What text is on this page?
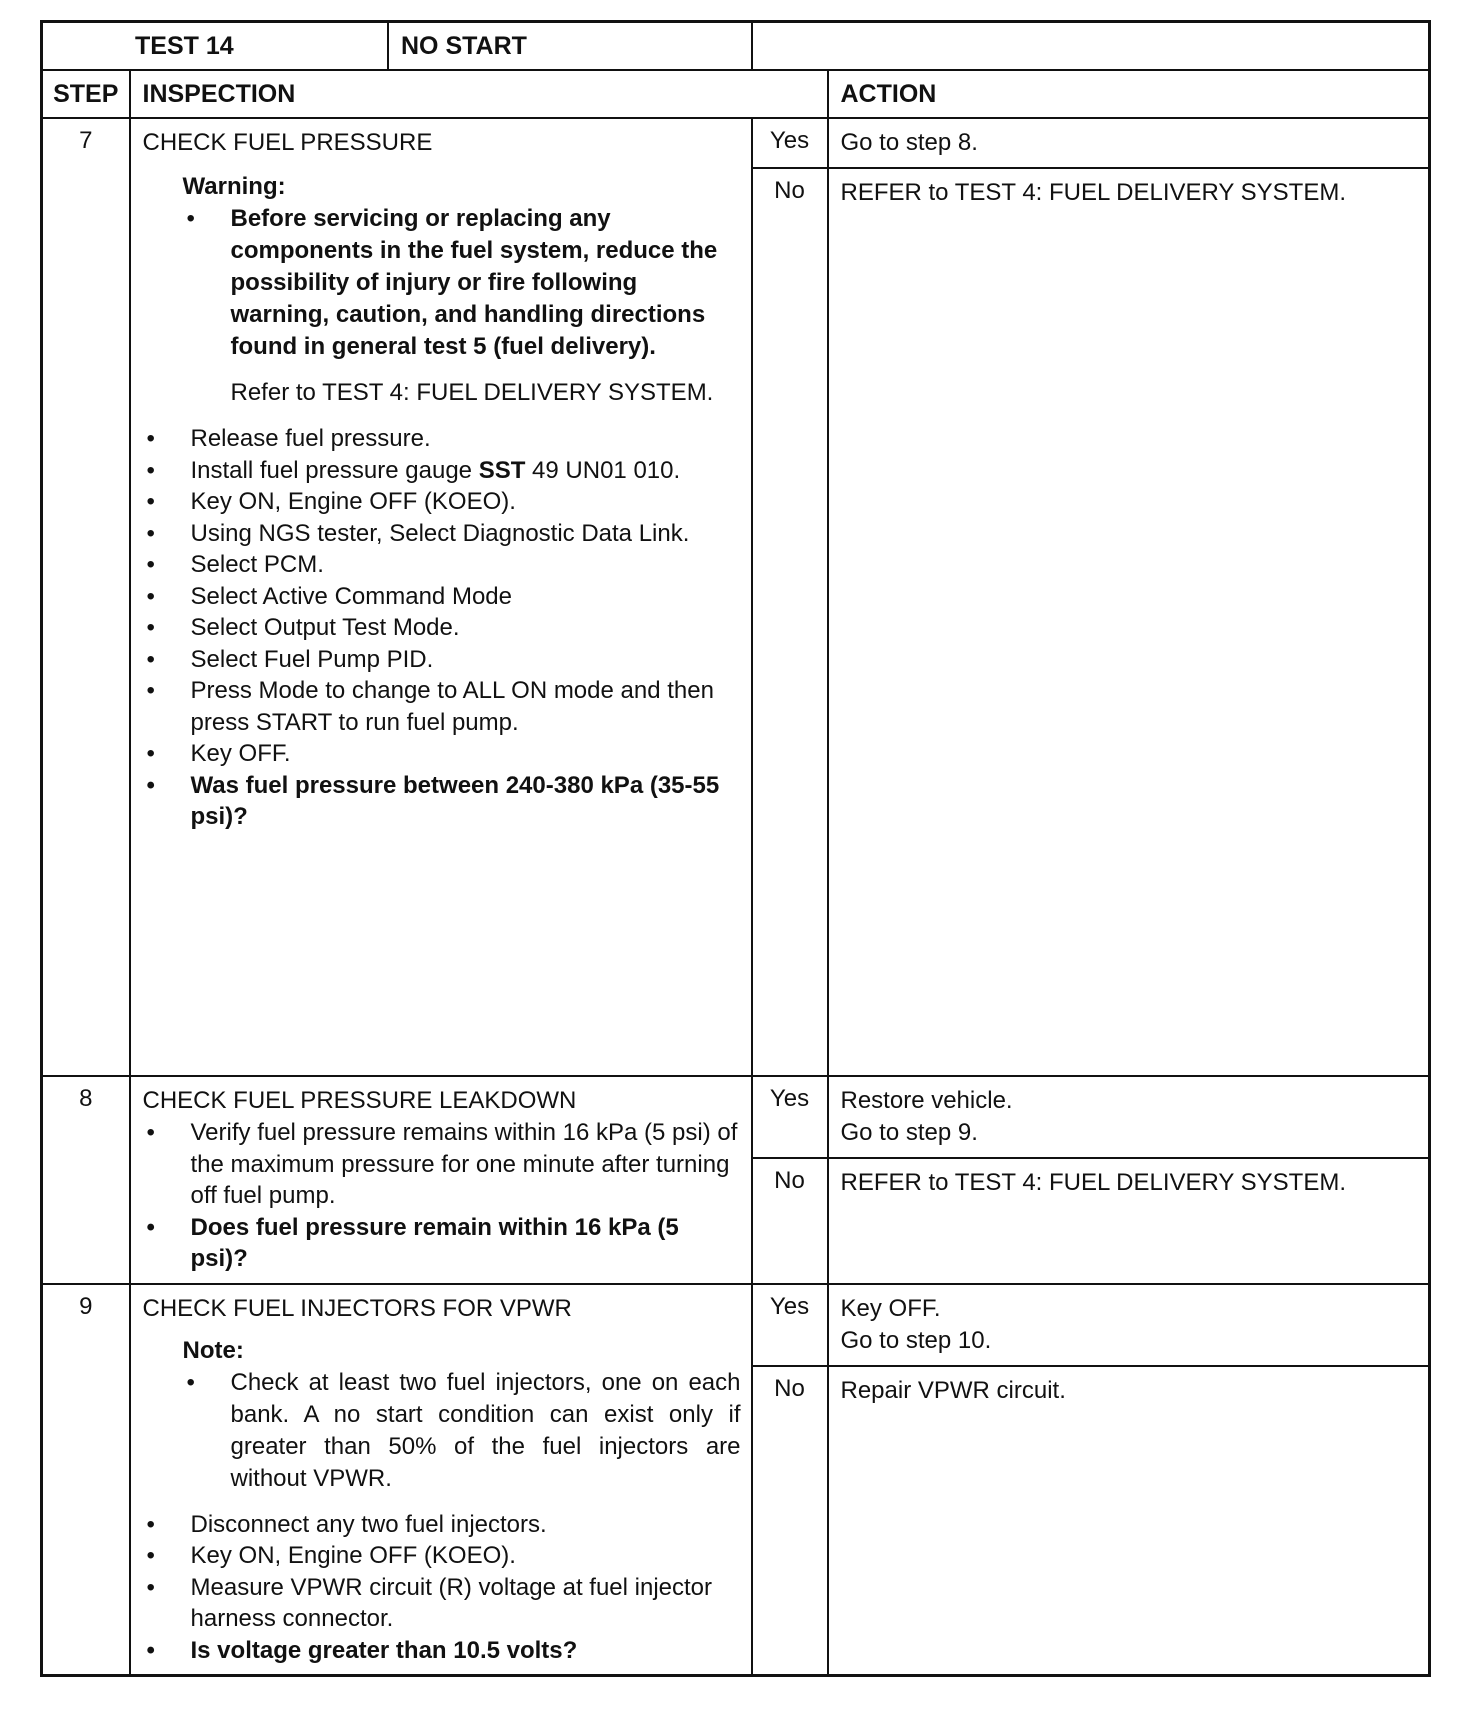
TEST 14	NO START

STEP	INSPECTION	ACTION
7	CHECK FUEL PRESSURE

Warning:

• Before servicing or replacing any components in the fuel system, reduce the possibility of injury or fire following warning, caution, and handling directions found in general test 5 (fuel delivery).

Refer to TEST 4: FUEL DELIVERY SYSTEM.

• Release fuel pressure.
• Install fuel pressure gauge SST 49 UN01 010.
• Key ON, Engine OFF (KOEO).
• Using NGS tester, Select Diagnostic Data Link.
• Select PCM.
• Select Active Command Mode
• Select Output Test Mode.
• Select Fuel Pump PID.
• Press Mode to change to ALL ON mode and then press START to run fuel pump.
• Key OFF.
• Was fuel pressure between 240-380 kPa (35-55 psi)?
	Yes	Go to step 8.
No	REFER to TEST 4: FUEL DELIVERY SYSTEM.
8	CHECK FUEL PRESSURE LEAKDOWN

• Verify fuel pressure remains within 16 kPa (5 psi) of the maximum pressure for one minute after turning off fuel pump.
• Does fuel pressure remain within 16 kPa (5 psi)?
	Yes	Restore vehicle.
Go to step 9.

No	REFER to TEST 4: FUEL DELIVERY SYSTEM.
9	CHECK FUEL INJECTORS FOR VPWR

Note:

• Check at least two fuel injectors, one on each bank. A no start condition can exist only if greater than 50% of the fuel injectors are without VPWR.
• Disconnect any two fuel injectors.
• Key ON, Engine OFF (KOEO).
• Measure VPWR circuit (R) voltage at fuel injector harness connector.
• Is voltage greater than 10.5 volts?
	Yes	Key OFF.
Go to step 10.

No	Repair VPWR circuit.
